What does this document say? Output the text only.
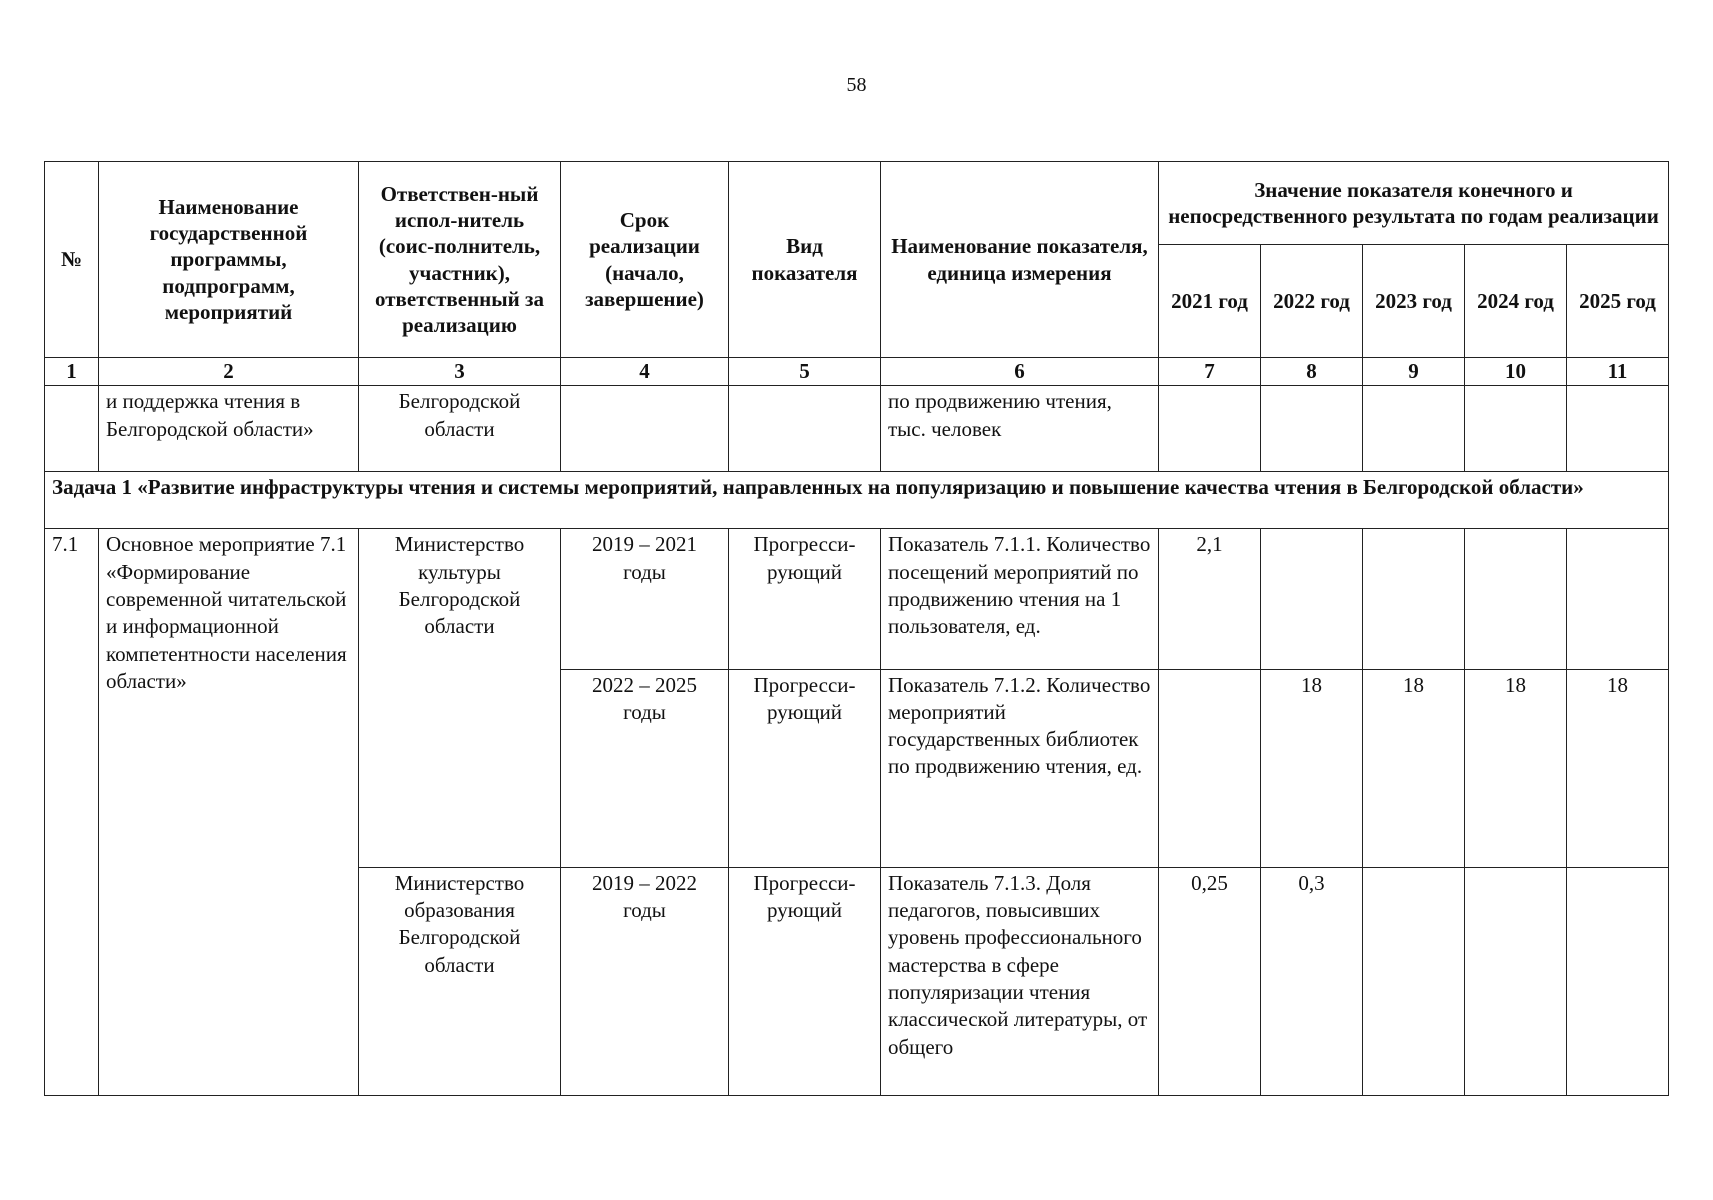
58
№	Наименование государственной программы, подпрограмм, мероприятий	Ответствен-ный испол-нитель (соис-полнитель, участник), ответственный за реализацию	Срок реализации (начало, завершение)	Вид показателя	Наименование показателя, единица измерения	Значение показателя конечного и непосредственного результата по годам реализации				
						2021 год	2022 год	2023 год	2024 год	2025 год
1	2	3	4	5	6	7	8	9	10	11
	и поддержка чтения в Белгородской области»	Белгородской области			по продвижению чтения, тыс. человек					
Задача 1 «Развитие инфраструктуры чтения и системы мероприятий, направленных на популяризацию и повышение качества чтения в Белгородской области»										
7.1	Основное мероприятие 7.1 «Формирование современной читательской и информационной компетентности населения области»	Министерство культуры Белгородской области	2019 – 2021 годы	Прогресси-рующий	Показатель 7.1.1. Количество посещений мероприятий по продвижению чтения на 1 пользователя, ед.	2,1				
			2022 – 2025 годы	Прогресси-рующий	Показатель 7.1.2. Количество мероприятий государственных библиотек по продвижению чтения, ед.		18	18	18	18
		Министерство образования Белгородской области	2019 – 2022 годы	Прогресси-рующий	Показатель 7.1.3. Доля педагогов, повысивших уровень профессионального мастерства в сфере популяризации чтения классической литературы, от общего	0,25	0,3			
